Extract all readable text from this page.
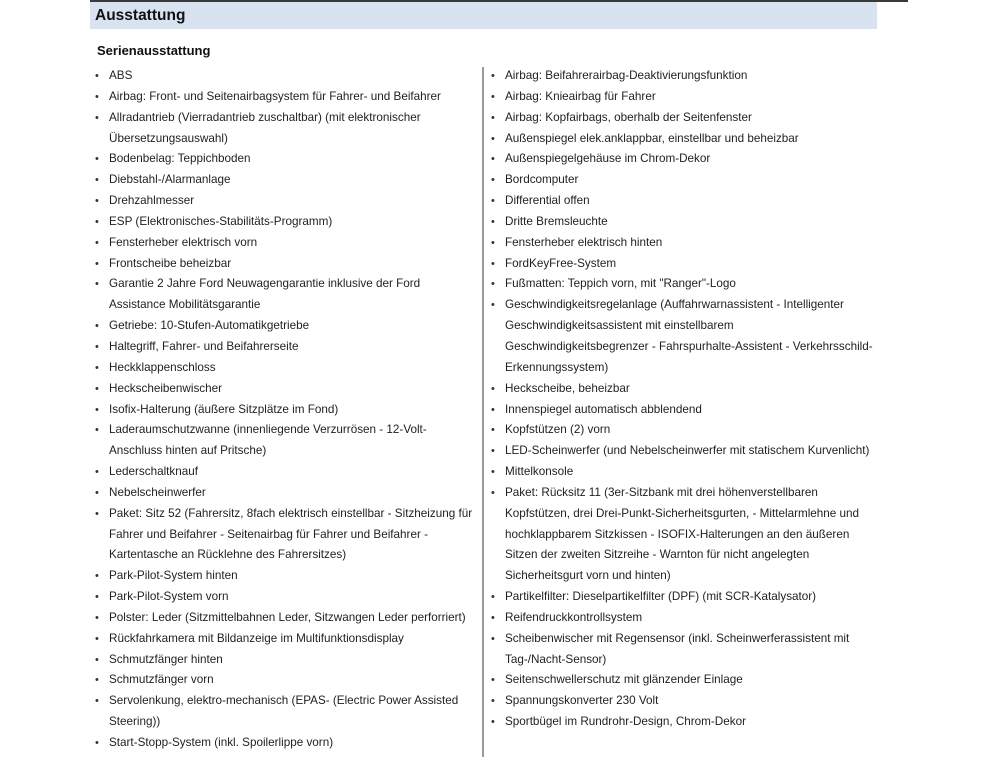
Ausstattung
Serienausstattung
• ABS
• Airbag: Front- und Seitenairbagsystem für Fahrer- und Beifahrer
• Allradantrieb (Vierradantrieb zuschaltbar) (mit elektronischer Übersetzungsauswahl)
• Bodenbelag: Teppichboden
• Diebstahl-/Alarmanlage
• Drehzahlmesser
• ESP (Elektronisches-Stabilitäts-Programm)
• Fensterheber elektrisch vorn
• Frontscheibe beheizbar
• Garantie 2 Jahre Ford Neuwagengarantie inklusive der Ford Assistance Mobilitätsgarantie
• Getriebe: 10-Stufen-Automatikgetriebe
• Haltegriff, Fahrer- und Beifahrerseite
• Heckklappenschloss
• Heckscheibenwischer
• Isofix-Halterung (äußere Sitzplätze im Fond)
• Laderaumschutzwanne (innenliegende Verzurrösen - 12-Volt-Anschluss hinten auf Pritsche)
• Lederschaltknauf
• Nebelscheinwerfer
• Paket: Sitz 52 (Fahrersitz, 8fach elektrisch einstellbar - Sitzheizung für Fahrer und Beifahrer - Seitenairbag für Fahrer und Beifahrer - Kartentasche an Rücklehne des Fahrersitzes)
• Park-Pilot-System hinten
• Park-Pilot-System vorn
• Polster: Leder (Sitzmittelbahnen Leder, Sitzwangen Leder perforriert)
• Rückfahrkamera mit Bildanzeige im Multifunktionsdisplay
• Schmutzfänger hinten
• Schmutzfänger vorn
• Servolenkung, elektro-mechanisch (EPAS- (Electric Power Assisted Steering))
• Start-Stopp-System (inkl. Spoilerlippe vorn)
• Airbag: Beifahrerairbag-Deaktivierungsfunktion
• Airbag: Knieairbag für Fahrer
• Airbag: Kopfairbags, oberhalb der Seitenfenster
• Außenspiegel elek.anklappbar, einstellbar und beheizbar
• Außenspiegelgehäuse im Chrom-Dekor
• Bordcomputer
• Differential offen
• Dritte Bremsleuchte
• Fensterheber elektrisch hinten
• FordKeyFree-System
• Fußmatten: Teppich vorn, mit "Ranger"-Logo
• Geschwindigkeitsregelanlage (Auffahrwarnassistent - Intelligenter Geschwindigkeitsassistent mit einstellbarem Geschwindigkeitsbegrenzer - Fahrspurhalte-Assistent - Verkehrsschild-Erkennungssystem)
• Heckscheibe, beheizbar
• Innenspiegel automatisch abblendend
• Kopfstützen (2) vorn
• LED-Scheinwerfer (und Nebelscheinwerfer mit statischem Kurvenlicht)
• Mittelkonsole
• Paket: Rücksitz 11 (3er-Sitzbank mit drei höhenverstellbaren Kopfstützen, drei Drei-Punkt-Sicherheitsgurten, - Mittelarmlehne und hochklappbarem Sitzkissen - ISOFIX-Halterungen an den äußeren Sitzen der zweiten Sitzreihe - Warnton für nicht angelegten Sicherheitsgurt vorn und hinten)
• Partikelfilter: Dieselpartikelfilter (DPF) (mit SCR-Katalysator)
• Reifendruckkontrollsystem
• Scheibenwischer mit Regensensor (inkl. Scheinwerferassistent mit Tag-/Nacht-Sensor)
• Seitenschwellerschutz mit glänzender Einlage
• Spannungskonverter 230 Volt
• Sportbügel im Rundrohr-Design, Chrom-Dekor
